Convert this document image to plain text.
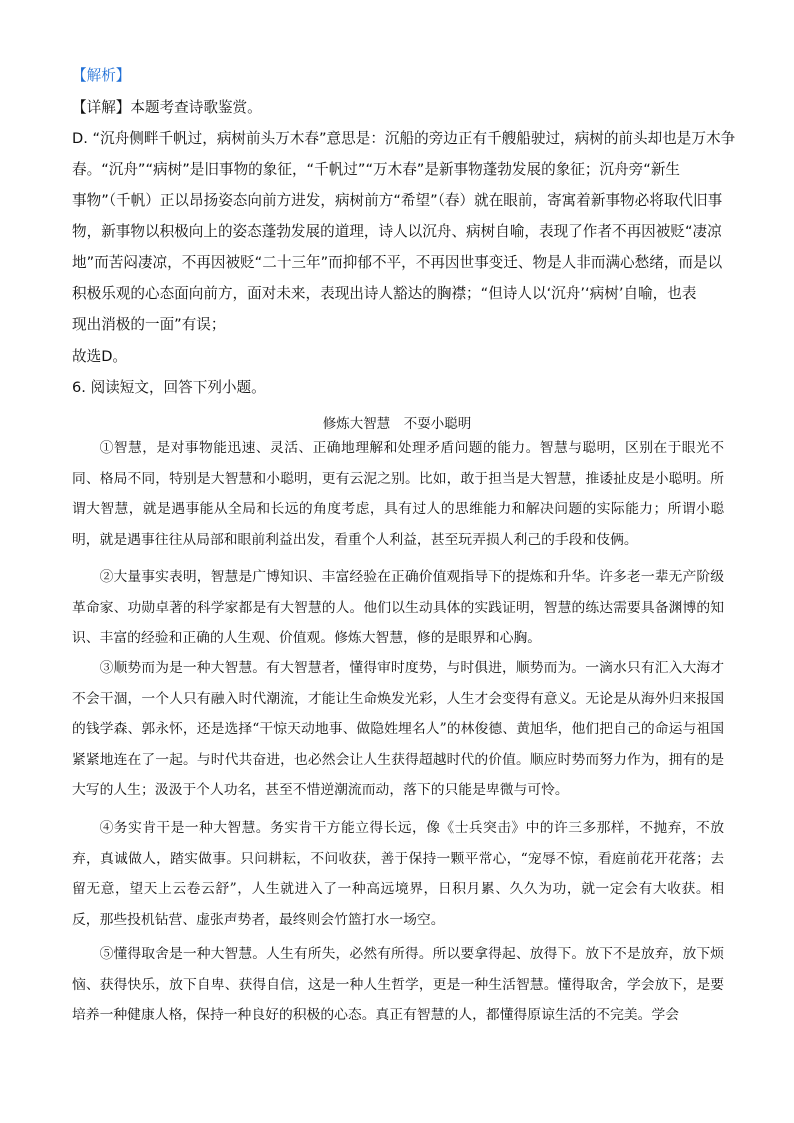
【解析】
【详解】本题考查诗歌鉴赏。
D. “沉舟侧畔千帆过，病树前头万木春”意思是：沉船的旁边正有千艘船驶过，病树的前头却也是万木争
春。“沉舟”“病树”是旧事物的象征，“千帆过”“万木春”是新事物蓬勃发展的象征；沉舟旁“新生
事物”（千帆）正以昂扬姿态向前方进发，病树前方“希望”（春）就在眼前，寄寓着新事物必将取代旧事
物，新事物以积极向上的姿态蓬勃发展的道理，诗人以沉舟、病树自喻，表现了作者不再因被贬“凄凉
地”而苦闷凄凉，不再因被贬“二十三年”而抑郁不平，不再因世事变迁、物是人非而满心愁绪，而是以
积极乐观的心态面向前方，面对未来，表现出诗人豁达的胸襟；“但诗人以‘沉舟’‘病树’自喻，也表
现出消极的一面”有误；
故选D。
6. 阅读短文，回答下列小题。
修炼大智慧　不耍小聪明

①智慧，是对事物能迅速、灵活、正确地理解和处理矛盾问题的能力。智慧与聪明，区别在于眼光不同、格局不同，特别是大智慧和小聪明，更有云泥之别。比如，敢于担当是大智慧，推诿扯皮是小聪明。所谓大智慧，就是遇事能从全局和长远的角度考虑，具有过人的思维能力和解决问题的实际能力；所谓小聪明，就是遇事往往从局部和眼前利益出发，看重个人利益，甚至玩弄损人利己的手段和伎俩。

②大量事实表明，智慧是广博知识、丰富经验在正确价值观指导下的提炼和升华。许多老一辈无产阶级革命家、功勋卓著的科学家都是有大智慧的人。他们以生动具体的实践证明，智慧的练达需要具备渊博的知识、丰富的经验和正确的人生观、价值观。修炼大智慧，修的是眼界和心胸。

③顺势而为是一种大智慧。有大智慧者，懂得审时度势，与时俱进，顺势而为。一滴水只有汇入大海才不会干涸，一个人只有融入时代潮流，才能让生命焕发光彩，人生才会变得有意义。无论是从海外归来报国的钱学森、郭永怀，还是选择“干惊天动地事、做隐姓埋名人”的林俊德、黄旭华，他们把自己的命运与祖国紧紧地连在了一起。与时代共奋进，也必然会让人生获得超越时代的价值。顺应时势而努力作为，拥有的是大写的人生；汲汲于个人功名，甚至不惜逆潮流而动，落下的只能是卑微与可怜。

④务实肯干是一种大智慧。务实肯干方能立得长远，像《士兵突击》中的许三多那样，不抛弃，不放弃，真诚做人，踏实做事。只问耕耘，不问收获，善于保持一颗平常心，“宠辱不惊，看庭前花开花落；去留无意，望天上云卷云舒”，人生就进入了一种高远境界，日积月累、久久为功，就一定会有大收获。相反，那些投机钻营、虚张声势者，最终则会竹篮打水一场空。

⑤懂得取舍是一种大智慧。人生有所失，必然有所得。所以要拿得起、放得下。放下不是放弃，放下烦恼、获得快乐，放下自卑、获得自信，这是一种人生哲学，更是一种生活智慧。懂得取舍，学会放下，是要培养一种健康人格，保持一种良好的积极的心态。真正有智慧的人，都懂得原谅生活的不完美。学会
